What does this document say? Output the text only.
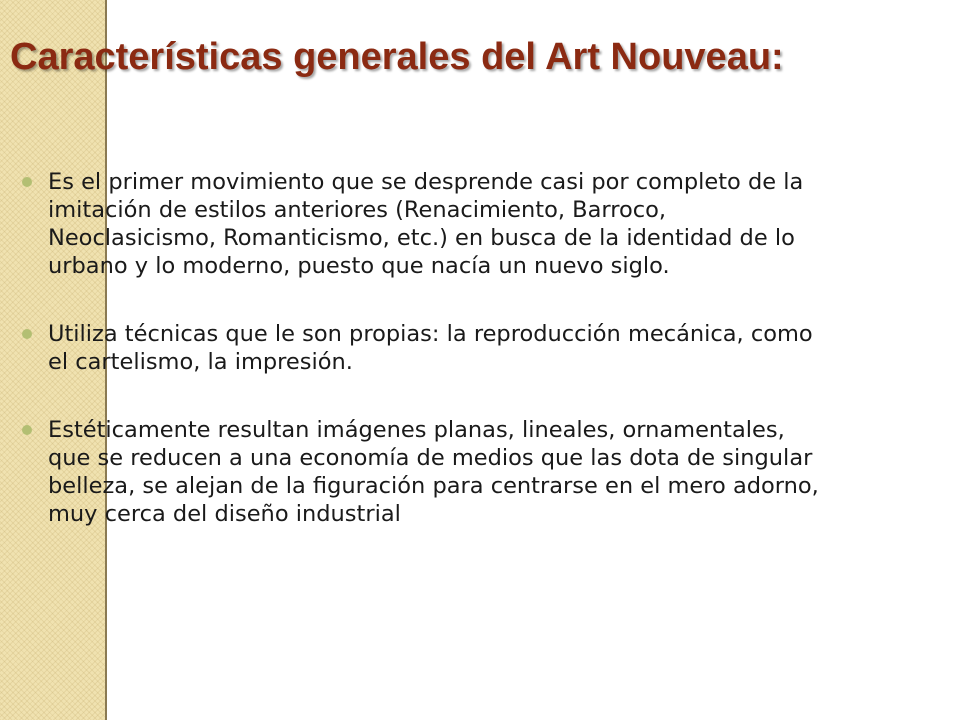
Características generales del Art Nouveau:
Es el primer movimiento que se desprende casi por completo de la imitación de estilos anteriores (Renacimiento, Barroco, Neoclasicismo, Romanticismo, etc.) en busca de la identidad de lo urbano y lo moderno, puesto que nacía un nuevo siglo.
Utiliza técnicas que le son propias: la reproducción mecánica, como el cartelismo, la impresión.
Estéticamente resultan imágenes planas, lineales, ornamentales, que se reducen a una economía de medios que las dota de singular belleza, se alejan de la figuración para centrarse en el mero adorno, muy cerca del diseño industrial
